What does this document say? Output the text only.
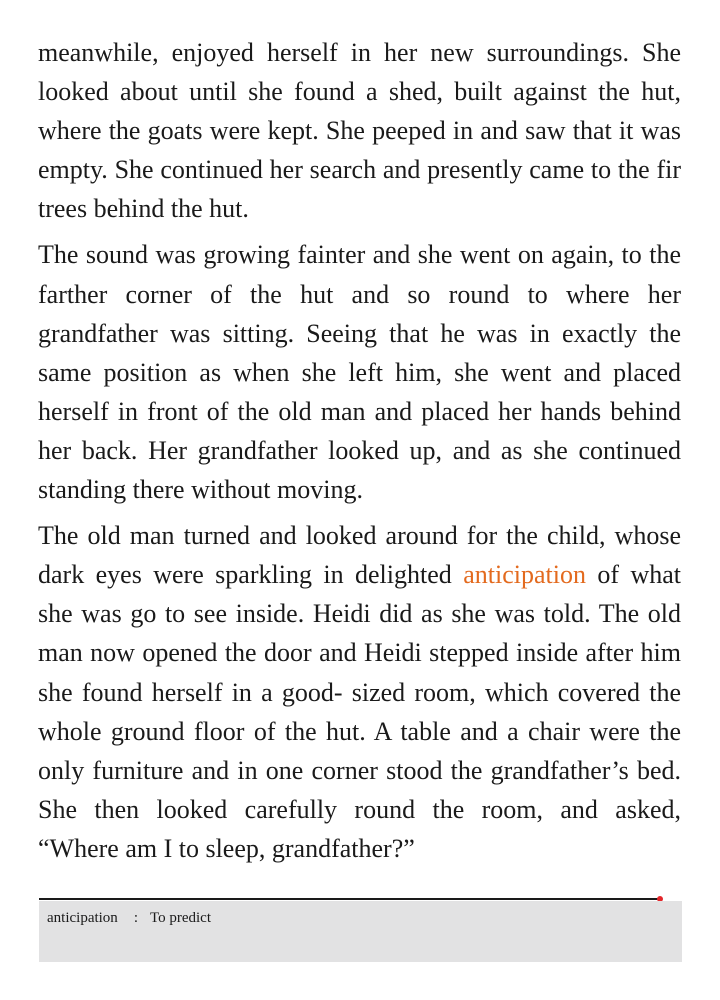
meanwhile, enjoyed herself in her new surroundings. She looked about until she found a shed, built against the hut, where the goats were kept. She peeped in and saw that it was empty. She continued her search and presently came to the fir trees behind the hut.

The sound was growing fainter and she went on again, to the farther corner of the hut and so round to where her grandfather was sitting. Seeing that he was in exactly the same position as when she left him, she went and placed herself in front of the old man and placed her hands behind her back. Her grandfather looked up, and as she continued standing there without moving.

The old man turned and looked around for the child, whose dark eyes were sparkling in delighted anticipation of what she was go to see inside. Heidi did as she was told. The old man now opened the door and Heidi stepped inside after him she found herself in a good- sized room, which covered the whole ground floor of the hut. A table and a chair were the only furniture and in one corner stood the grandfather’s bed. She then looked carefully round the room, and asked, “Where am I to sleep, grandfather?”

anticipation : To predict
